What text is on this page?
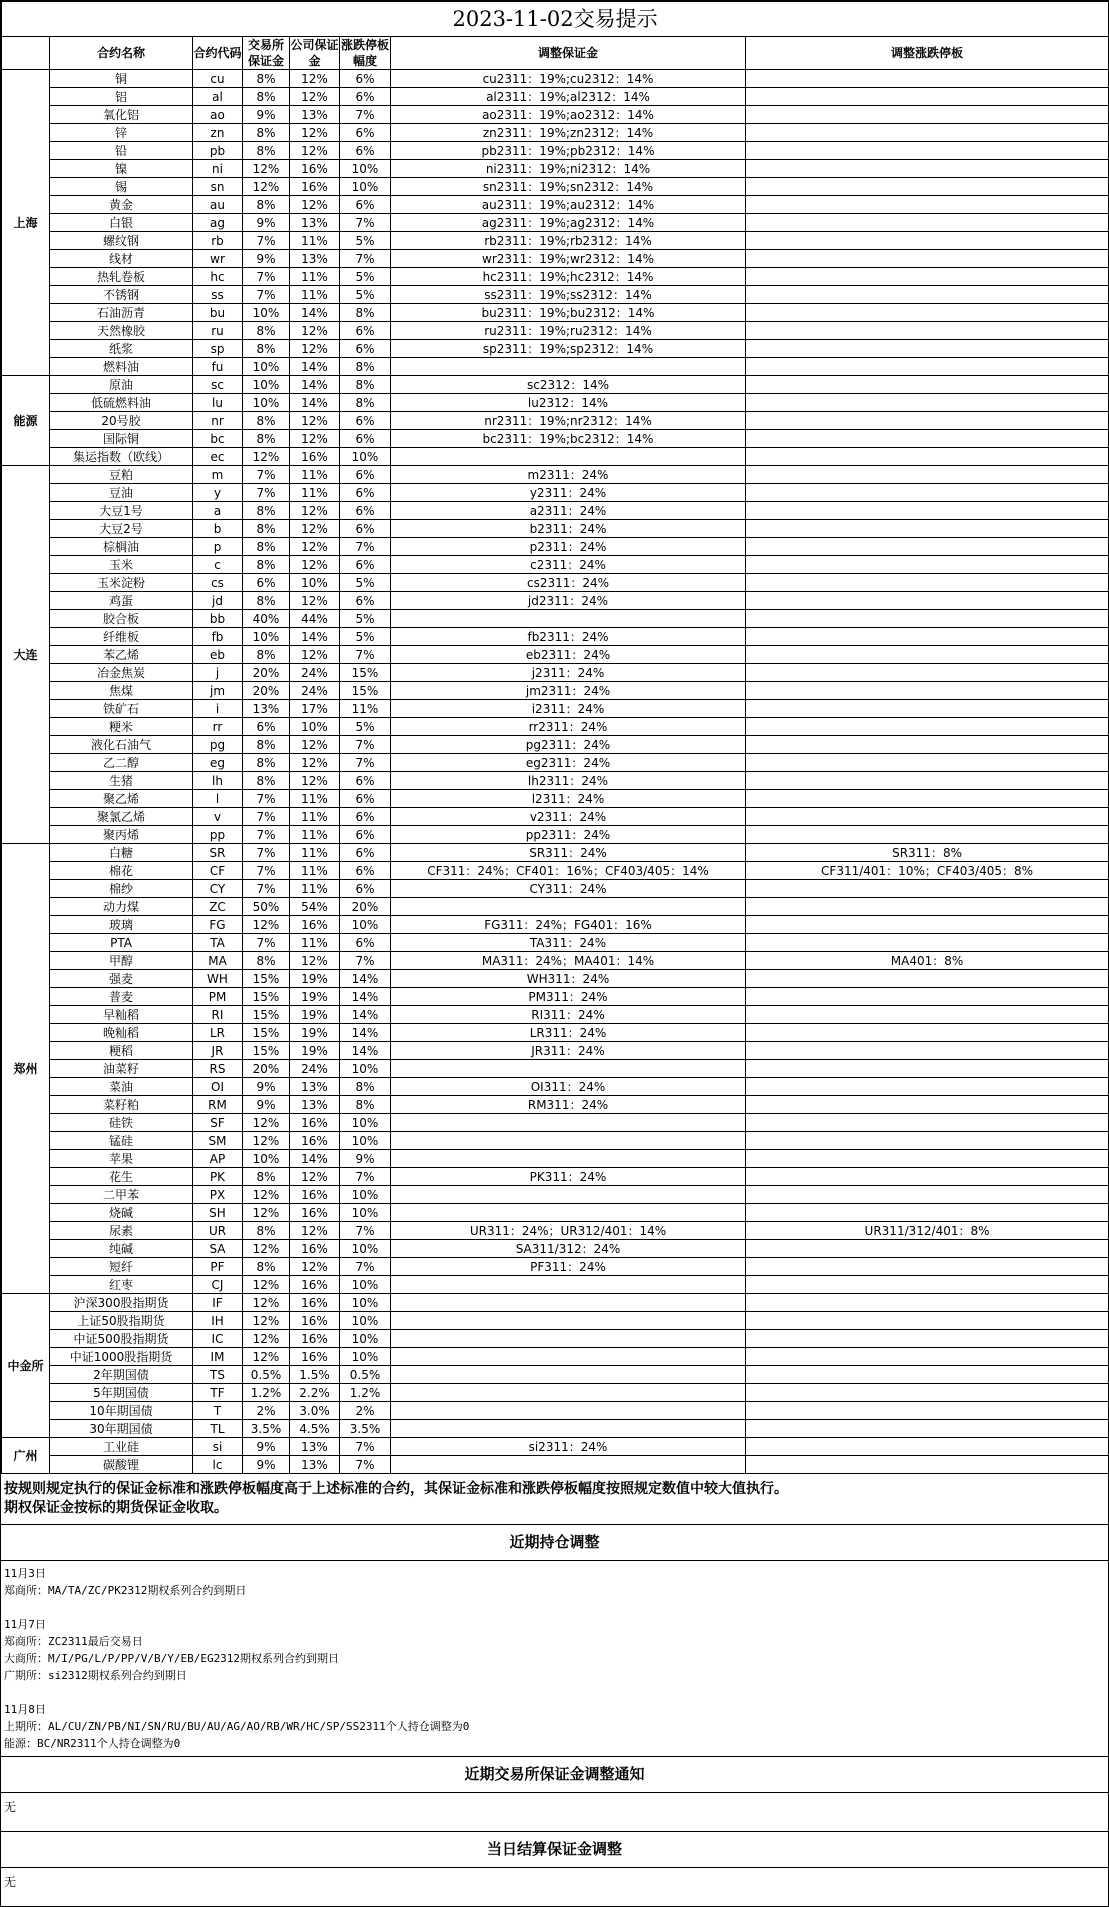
2023-11-02交易提示							
	合约名称	合约代码	交易所保证金	公司保证金	涨跌停板幅度	调整保证金	调整涨跌停板
上海	铜	cu	8%	12%	6%	cu2311：19%;cu2312：14%	
	铝	al	8%	12%	6%	al2311：19%;al2312：14%	
	氧化铝	ao	9%	13%	7%	ao2311：19%;ao2312：14%	
	锌	zn	8%	12%	6%	zn2311：19%;zn2312：14%	
	铅	pb	8%	12%	6%	pb2311：19%;pb2312：14%	
	镍	ni	12%	16%	10%	ni2311：19%;ni2312：14%	
	锡	sn	12%	16%	10%	sn2311：19%;sn2312：14%	
	黄金	au	8%	12%	6%	au2311：19%;au2312：14%	
	白银	ag	9%	13%	7%	ag2311：19%;ag2312：14%	
	螺纹钢	rb	7%	11%	5%	rb2311：19%;rb2312：14%	
	线材	wr	9%	13%	7%	wr2311：19%;wr2312：14%	
	热轧卷板	hc	7%	11%	5%	hc2311：19%;hc2312：14%	
	不锈钢	ss	7%	11%	5%	ss2311：19%;ss2312：14%	
	石油沥青	bu	10%	14%	8%	bu2311：19%;bu2312：14%	
	天然橡胶	ru	8%	12%	6%	ru2311：19%;ru2312：14%	
	纸浆	sp	8%	12%	6%	sp2311：19%;sp2312：14%	
	燃料油	fu	10%	14%	8%		
能源	原油	sc	10%	14%	8%	sc2312：14%	
	低硫燃料油	lu	10%	14%	8%	lu2312：14%	
	20号胶	nr	8%	12%	6%	nr2311：19%;nr2312：14%	
	国际铜	bc	8%	12%	6%	bc2311：19%;bc2312：14%	
	集运指数（欧线）	ec	12%	16%	10%		
大连	豆粕	m	7%	11%	6%	m2311：24%	
	豆油	y	7%	11%	6%	y2311：24%	
	大豆1号	a	8%	12%	6%	a2311：24%	
	大豆2号	b	8%	12%	6%	b2311：24%	
	棕榈油	p	8%	12%	7%	p2311：24%	
	玉米	c	8%	12%	6%	c2311：24%	
	玉米淀粉	cs	6%	10%	5%	cs2311：24%	
	鸡蛋	jd	8%	12%	6%	jd2311：24%	
	胶合板	bb	40%	44%	5%		
	纤维板	fb	10%	14%	5%	fb2311：24%	
	苯乙烯	eb	8%	12%	7%	eb2311：24%	
	冶金焦炭	j	20%	24%	15%	j2311：24%	
	焦煤	jm	20%	24%	15%	jm2311：24%	
	铁矿石	i	13%	17%	11%	i2311：24%	
	粳米	rr	6%	10%	5%	rr2311：24%	
	液化石油气	pg	8%	12%	7%	pg2311：24%	
	乙二醇	eg	8%	12%	7%	eg2311：24%	
	生猪	lh	8%	12%	6%	lh2311：24%	
	聚乙烯	l	7%	11%	6%	l2311：24%	
	聚氯乙烯	v	7%	11%	6%	v2311：24%	
	聚丙烯	pp	7%	11%	6%	pp2311：24%	
郑州	白糖	SR	7%	11%	6%	SR311：24%	SR311：8%
	棉花	CF	7%	11%	6%	CF311：24%；CF401：16%；CF403/405：14%	CF311/401：10%；CF403/405：8%
	棉纱	CY	7%	11%	6%	CY311：24%	
	动力煤	ZC	50%	54%	20%		
	玻璃	FG	12%	16%	10%	FG311：24%；FG401：16%	
	PTA	TA	7%	11%	6%	TA311：24%	
	甲醇	MA	8%	12%	7%	MA311：24%；MA401：14%	MA401：8%
	强麦	WH	15%	19%	14%	WH311：24%	
	普麦	PM	15%	19%	14%	PM311：24%	
	早籼稻	RI	15%	19%	14%	RI311：24%	
	晚籼稻	LR	15%	19%	14%	LR311：24%	
	粳稻	JR	15%	19%	14%	JR311：24%	
	油菜籽	RS	20%	24%	10%		
	菜油	OI	9%	13%	8%	OI311：24%	
	菜籽粕	RM	9%	13%	8%	RM311：24%	
	硅铁	SF	12%	16%	10%		
	锰硅	SM	12%	16%	10%		
	苹果	AP	10%	14%	9%		
	花生	PK	8%	12%	7%	PK311：24%	
	二甲苯	PX	12%	16%	10%		
	烧碱	SH	12%	16%	10%		
	尿素	UR	8%	12%	7%	UR311：24%；UR312/401：14%	UR311/312/401：8%
	纯碱	SA	12%	16%	10%	SA311/312：24%	
	短纤	PF	8%	12%	7%	PF311：24%	
	红枣	CJ	12%	16%	10%		
中金所	沪深300股指期货	IF	12%	16%	10%		
	上证50股指期货	IH	12%	16%	10%		
	中证500股指期货	IC	12%	16%	10%		
	中证1000股指期货	IM	12%	16%	10%		
	2年期国债	TS	0.5%	1.5%	0.5%		
	5年期国债	TF	1.2%	2.2%	1.2%		
	10年期国债	T	2%	3.0%	2%		
	30年期国债	TL	3.5%	4.5%	3.5%		
广州	工业硅	si	9%	13%	7%	si2311：24%	
	碳酸锂	lc	9%	13%	7%		
按规则规定执行的保证金标准和涨跌停板幅度高于上述标准的合约，其保证金标准和涨跌停板幅度按照规定数值中较大值执行。
期权保证金按标的期货保证金收取。
近期持仓调整
11月3日
郑商所：MA/TA/ZC/PK2312期权系列合约到期日
11月7日
郑商所：ZC2311最后交易日
大商所：M/I/PG/L/P/PP/V/B/Y/EB/EG2312期权系列合约到期日
广期所：si2312期权系列合约到期日
11月8日
上期所：AL/CU/ZN/PB/NI/SN/RU/BU/AU/AG/AO/RB/WR/HC/SP/SS2311个人持仓调整为0
能源：BC/NR2311个人持仓调整为0
近期交易所保证金调整通知
无
当日结算保证金调整
无
